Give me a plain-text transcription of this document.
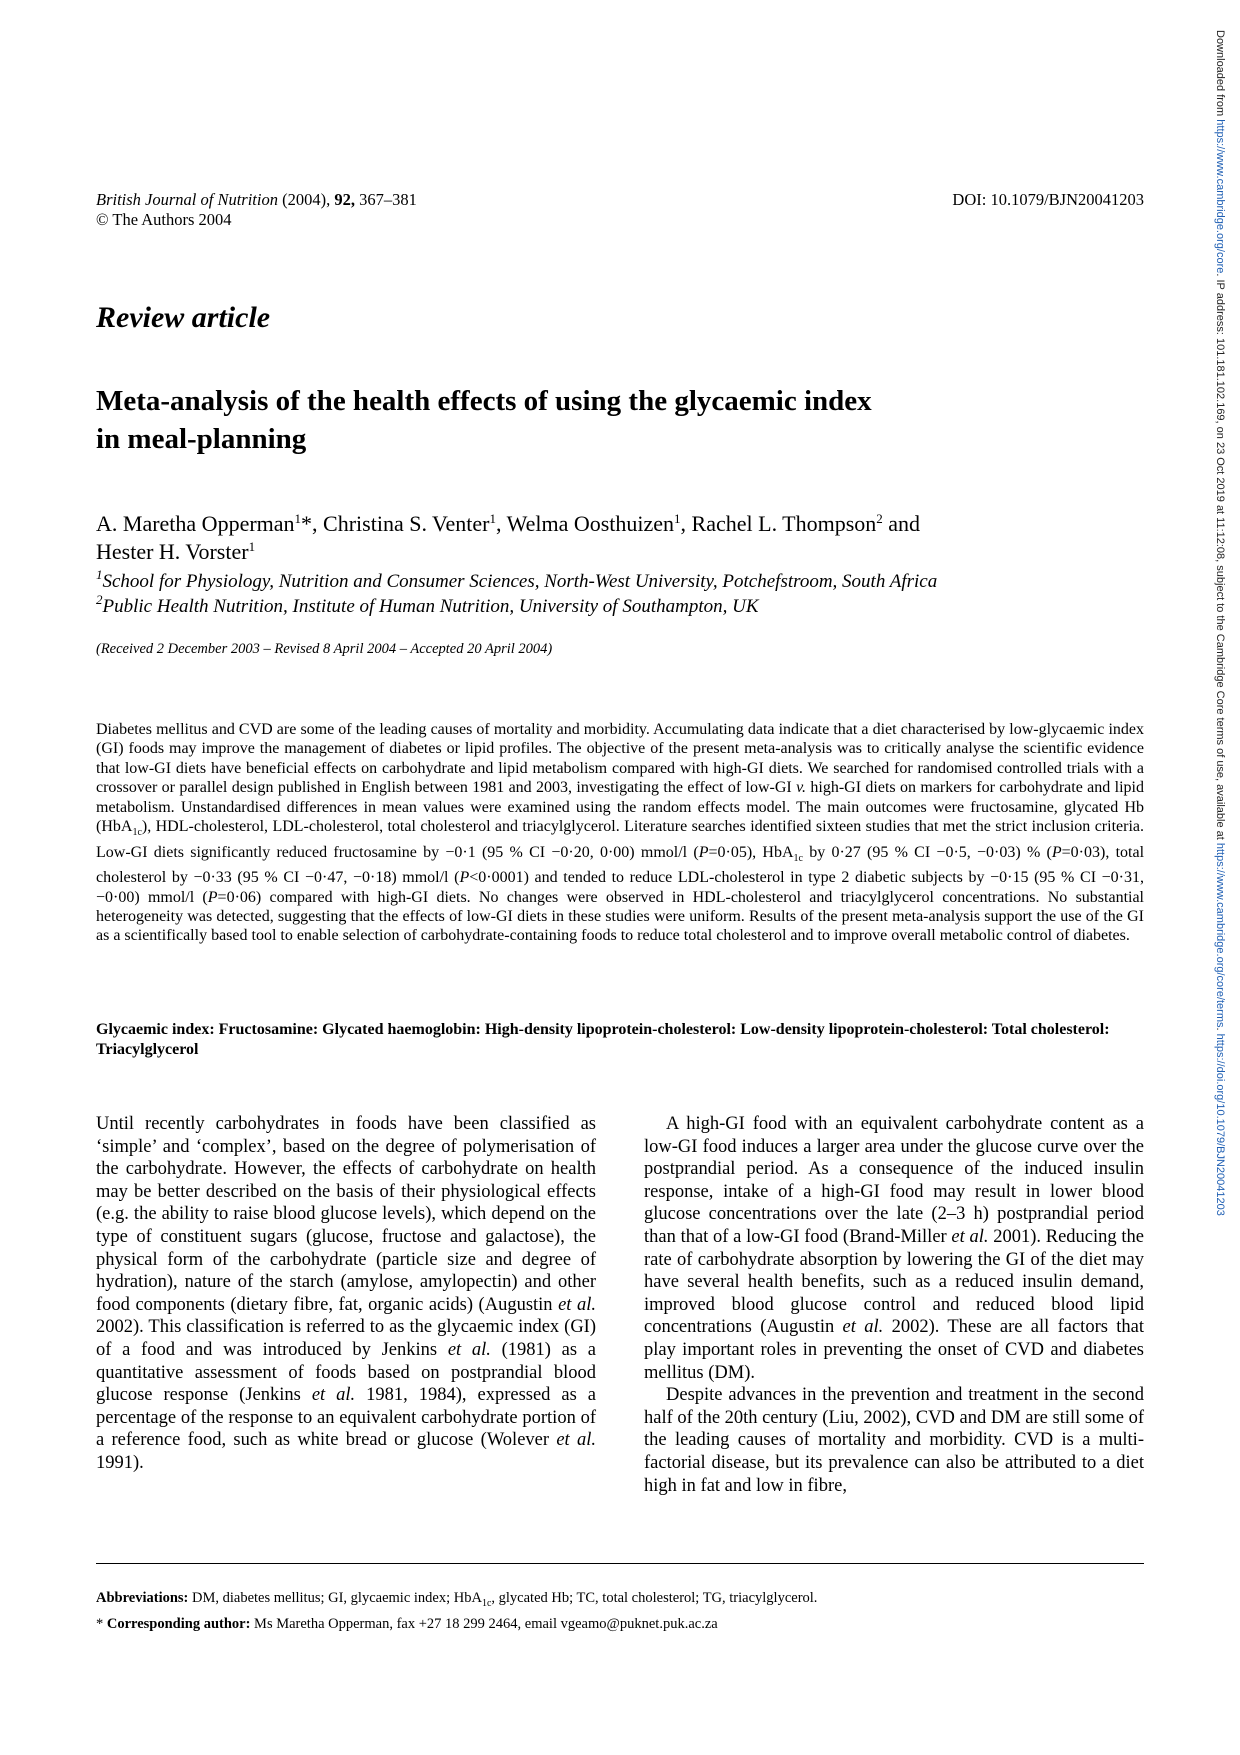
British Journal of Nutrition (2004), 92, 367–381
© The Authors 2004
DOI: 10.1079/BJN20041203
Review article
Meta-analysis of the health effects of using the glycaemic index
in meal-planning
A. Maretha Opperman$^1$*, Christina S. Venter$^1$, Welma Oosthuizen$^1$, Rachel L. Thompson$^2$ and
Hester H. Vorster$^1$
$^1$School for Physiology, Nutrition and Consumer Sciences, North-West University, Potchefstroom, South Africa
$^2$Public Health Nutrition, Institute of Human Nutrition, University of Southampton, UK
(Received 2 December 2003 – Revised 8 April 2004 – Accepted 20 April 2004)
Diabetes mellitus and CVD are some of the leading causes of mortality and morbidity. Accumulating data indicate that a diet characterised by low-glycaemic index (GI) foods may improve the management of diabetes or lipid profiles. The objective of the present meta-analysis was to critically analyse the scientific evidence that low-GI diets have beneficial effects on carbohydrate and lipid metabolism compared with high-GI diets. We searched for randomised controlled trials with a crossover or parallel design published in English between 1981 and 2003, investigating the effect of low-GI v. high-GI diets on markers for carbohydrate and lipid metabolism. Unstandardised differences in mean values were examined using the random effects model. The main outcomes were fructosamine, glycated Hb (HbA$_{1c}$), HDL-cholesterol, LDL-cholesterol, total cholesterol and triacylglycerol. Literature searches identified sixteen studies that met the strict inclusion criteria. Low-GI diets significantly reduced fructosamine by −0·1 (95 % CI −0·20, 0·00) mmol/l (P=0·05), HbA$_{1c}$ by 0·27 (95 % CI −0·5, −0·03) % (P=0·03), total cholesterol by −0·33 (95 % CI −0·47, −0·18) mmol/l (P<0·0001) and tended to reduce LDL-cholesterol in type 2 diabetic subjects by −0·15 (95 % CI −0·31, −0·00) mmol/l (P=0·06) compared with high-GI diets. No changes were observed in HDL-cholesterol and triacylglycerol concentrations. No substantial heterogeneity was detected, suggesting that the effects of low-GI diets in these studies were uniform. Results of the present meta-analysis support the use of the GI as a scientifically based tool to enable selection of carbohydrate-containing foods to reduce total cholesterol and to improve overall metabolic control of diabetes.
Glycaemic index: Fructosamine: Glycated haemoglobin: High-density lipoprotein-cholesterol: Low-density lipoprotein-cholesterol: Total cholesterol: Triacylglycerol

Until recently carbohydrates in foods have been classified as ‘simple’ and ‘complex’, based on the degree of polymerisation of the carbohydrate. However, the effects of carbohydrate on health may be better described on the basis of their physiological effects (e.g. the ability to raise blood glucose levels), which depend on the type of constituent sugars (glucose, fructose and galactose), the physical form of the carbohydrate (particle size and degree of hydration), nature of the starch (amylose, amylopectin) and other food components (dietary fibre, fat, organic acids) (Augustin et al. 2002). This classification is referred to as the glycaemic index (GI) of a food and was introduced by Jenkins et al. (1981) as a quantitative assessment of foods based on postprandial blood glucose response (Jenkins et al. 1981, 1984), expressed as a percentage of the response to an equivalent carbohydrate portion of a reference food, such as white bread or glucose (Wolever et al. 1991).

A high-GI food with an equivalent carbohydrate content as a low-GI food induces a larger area under the glucose curve over the postprandial period. As a consequence of the induced insulin response, intake of a high-GI food may result in lower blood glucose concentrations over the late (2–3 h) postprandial period than that of a low-GI food (Brand-Miller et al. 2001). Reducing the rate of carbohydrate absorption by lowering the GI of the diet may have several health benefits, such as a reduced insulin demand, improved blood glucose control and reduced blood lipid concentrations (Augustin et al. 2002). These are all factors that play important roles in preventing the onset of CVD and diabetes mellitus (DM).

Despite advances in the prevention and treatment in the second half of the 20th century (Liu, 2002), CVD and DM are still some of the leading causes of mortality and morbidity. CVD is a multi-factorial disease, but its prevalence can also be attributed to a diet high in fat and low in fibre,

Abbreviations: DM, diabetes mellitus; GI, glycaemic index; HbA$_{1c}$, glycated Hb; TC, total cholesterol; TG, triacylglycerol.
* Corresponding author: Ms Maretha Opperman, fax +27 18 299 2464, email vgeamo@puknet.puk.ac.za
Downloaded from https://www.cambridge.org/core. IP address: 101.181.102.169, on 23 Oct 2019 at 11:12:08, subject to the Cambridge Core terms of use, available at https://www.cambridge.org/core/terms. https://doi.org/10.1079/BJN20041203
